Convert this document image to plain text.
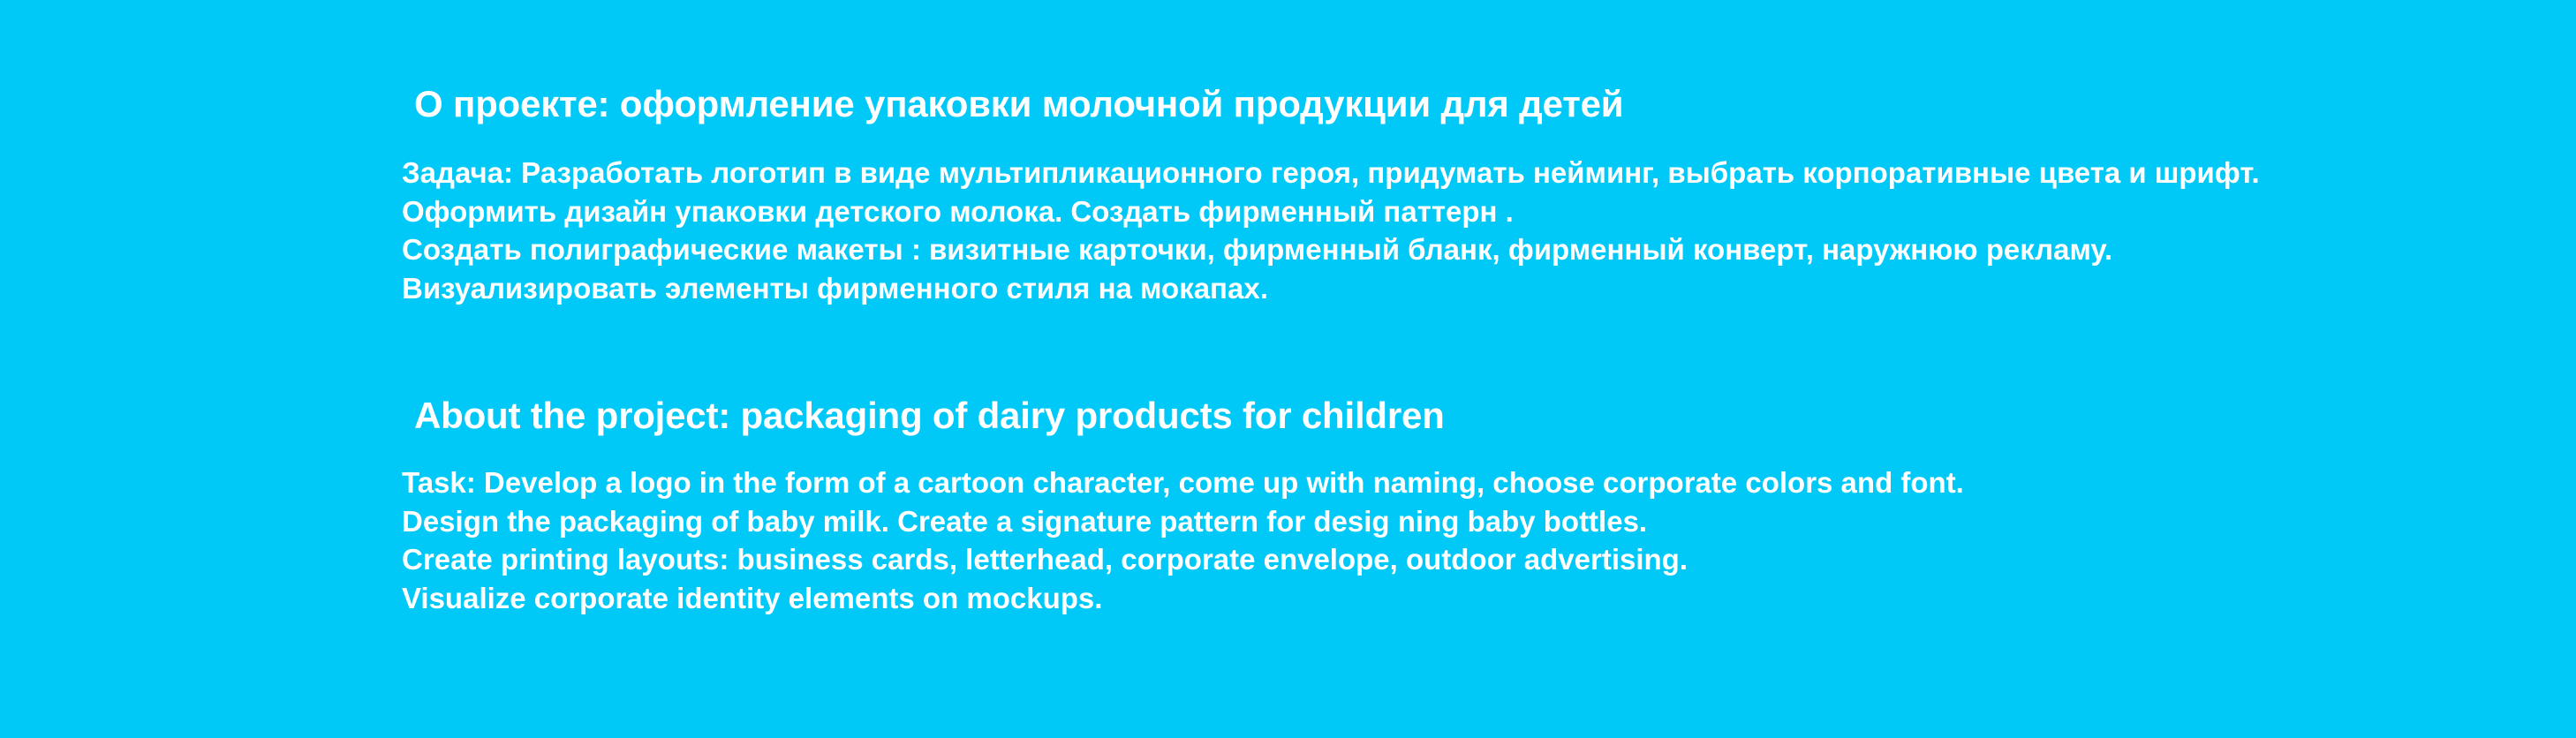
О проекте: оформление упаковки молочной продукции для детей
Задача: Разработать логотип в виде мультипликационного героя, придумать нейминг, выбрать корпоративные цвета и шрифт.
Оформить дизайн упаковки детского молока. Создать фирменный паттерн .
Создать полиграфические макеты : визитные карточки, фирменный бланк, фирменный конверт, наружнюю рекламу.
Визуализировать элементы фирменного стиля на мокапах.
About the project: packaging of dairy products for children
Task: Develop a logo in the form of a cartoon character, come up with naming, choose corporate colors and font.
Design the packaging of baby milk. Create a signature pattern for desig ning baby bottles.
Create printing layouts: business cards, letterhead, corporate envelope, outdoor advertising.
Visualize corporate identity elements on mockups.
